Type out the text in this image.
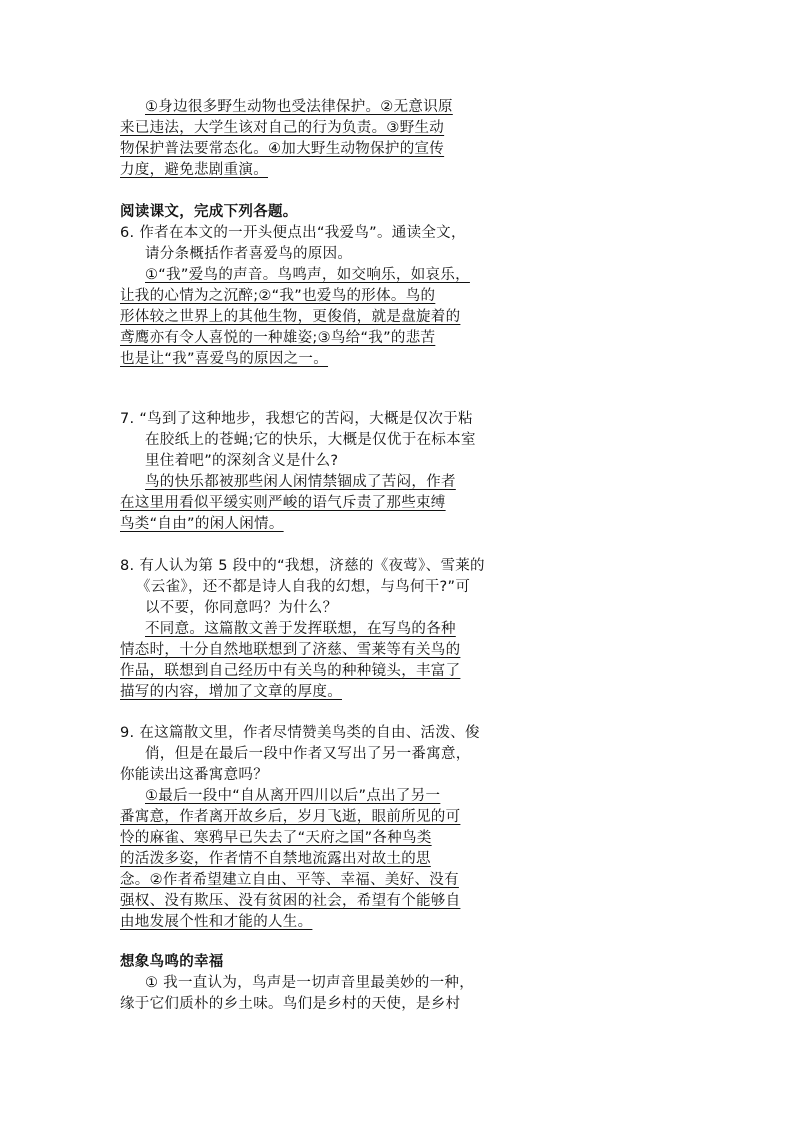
①身边很多野生动物也受法律保护。②无意识原
来已违法，大学生该对自己的行为负责。③野生动
物保护普法要常态化。④加大野生动物保护的宣传
力度，避免悲剧重演。
阅读课文，完成下列各题。
6. 作者在本文的一开头便点出“我爱鸟”。通读全文，
请分条概括作者喜爱鸟的原因。
①“我”爱鸟的声音。鸟鸣声，如交响乐，如哀乐，
让我的心情为之沉醉;②“我”也爱鸟的形体。鸟的
形体较之世界上的其他生物，更俊俏，就是盘旋着的
鸢鹰亦有令人喜悦的一种雄姿;③鸟给“我”的悲苦
也是让“我”喜爱鸟的原因之一。
7. “鸟到了这种地步，我想它的苦闷，大概是仅次于粘
在胶纸上的苍蝇;它的快乐，大概是仅优于在标本室
里住着吧”的深刻含义是什么?
鸟的快乐都被那些闲人闲情禁锢成了苦闷，作者
在这里用看似平缓实则严峻的语气斥责了那些束缚
鸟类“自由”的闲人闲情。
8. 有人认为第 5 段中的“我想，济慈的《夜莺》、雪莱的
《云雀》，还不都是诗人自我的幻想，与鸟何干?”可
以不要，你同意吗？为什么？
不同意。这篇散文善于发挥联想，在写鸟的各种
情态时，十分自然地联想到了济慈、雪莱等有关鸟的
作品，联想到自己经历中有关鸟的种种镜头，丰富了
描写的内容，增加了文章的厚度。
9. 在这篇散文里，作者尽情赞美鸟类的自由、活泼、俊
俏，但是在最后一段中作者又写出了另一番寓意，
你能读出这番寓意吗？
①最后一段中“自从离开四川以后”点出了另一
番寓意，作者离开故乡后，岁月飞逝，眼前所见的可
怜的麻雀、寒鸦早已失去了“天府之国”各种鸟类
的活泼多姿，作者情不自禁地流露出对故土的思
念。②作者希望建立自由、平等、幸福、美好、没有
强权、没有欺压、没有贫困的社会，希望有个能够自
由地发展个性和才能的人生。
想象鸟鸣的幸福
① 我一直认为，鸟声是一切声音里最美妙的一种，
缘于它们质朴的乡土味。鸟们是乡村的天使，是乡村
